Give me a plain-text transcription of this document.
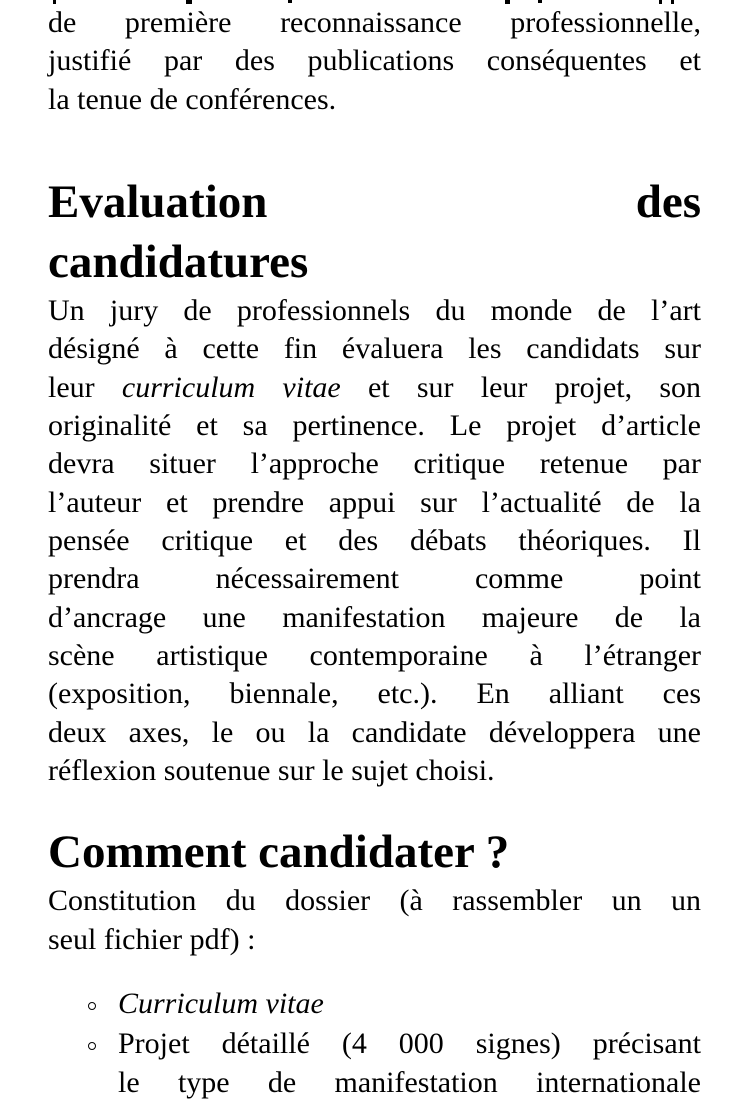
de première reconnaissance professionnelle,
justifié par des publications conséquentes et
la tenue de conférences.
Evaluation des
candidatures
Un jury de professionnels du monde de l’art
désigné à cette fin évaluera les candidats sur
leur curriculum vitae et sur leur projet, son
originalité et sa pertinence. Le projet d’article
devra situer l’approche critique retenue par
l’auteur et prendre appui sur l’actualité de la
pensée critique et des débats théoriques. Il
prendra nécessairement comme point
d’ancrage une manifestation majeure de la
scène artistique contemporaine à l’étranger
(exposition, biennale, etc.). En alliant ces
deux axes, le ou la candidate développera une
réflexion soutenue sur le sujet choisi.
Comment candidater ?
Constitution du dossier (à rassembler un un
seul fichier pdf) :
Curriculum vitae
Projet détaillé (4 000 signes) précisant
le type de manifestation internationale
